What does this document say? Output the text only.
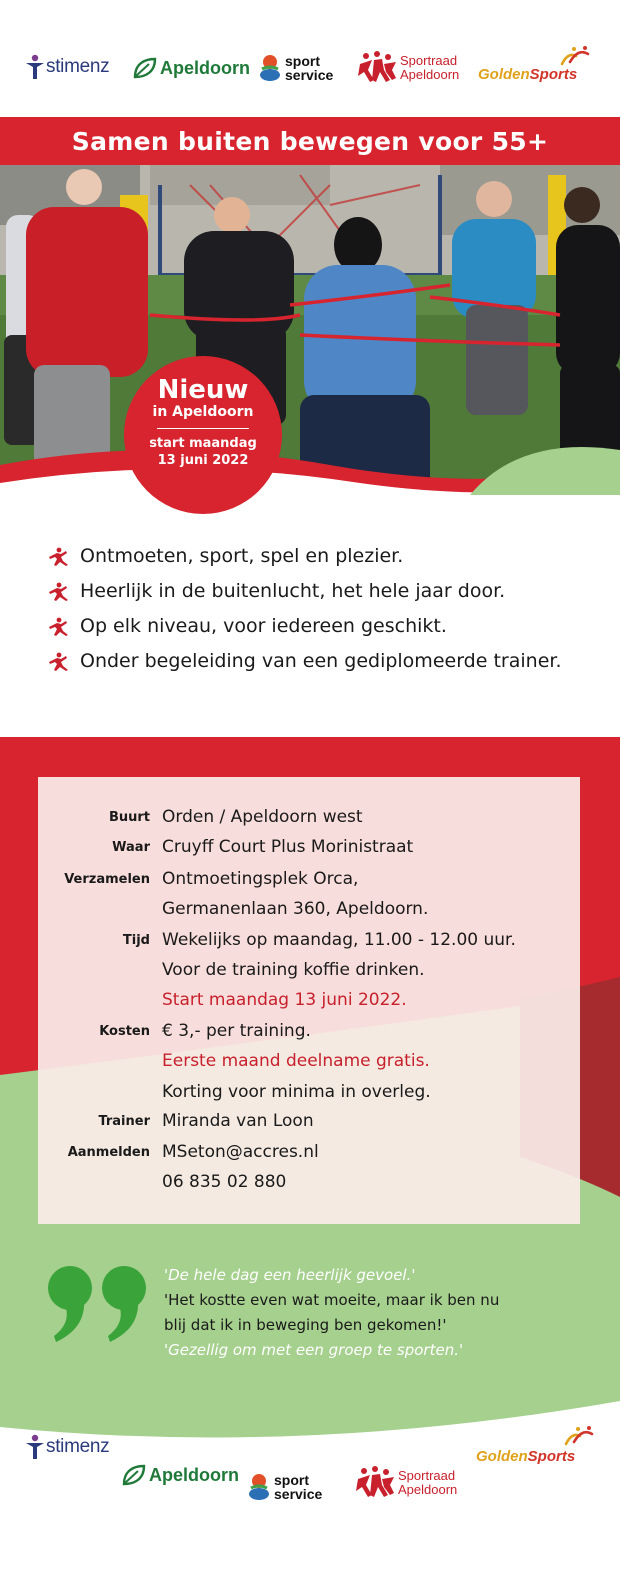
stimenz	Apeldoorn	sport
service
Sportraad
Apeldoorn GoldenSports
Samen buiten bewegen voor 55+
Nieuw
in Apeldoorn
start maandag
13 juni 2022
Ontmoeten, sport, spel en plezier.
Heerlijk in de buitenlucht, het hele jaar door.
Op elk niveau, voor iedereen geschikt.
Onder begeleiding van een gediplomeerde trainer.
Buurt Orden / Apeldoorn west
Waar Cruyff Court Plus Morinistraat
Verzamelen Ontmoetingsplek Orca,
Germanenlaan 360, Apeldoorn.
Tijd Wekelijks op maandag, 11.00 - 12.00 uur.
Voor de training koffie drinken.
Start maandag 13 juni 2022.
Kosten € 3,- per training.
Eerste maand deelname gratis.
Korting voor minima in overleg.
Trainer Miranda van Loon
Aanmelden MSeton@accres.nl
06 835 02 880
'De hele dag een heerlijk gevoel.'
'Het kostte even wat moeite, maar ik ben nu
blij dat ik in beweging ben gekomen!'
'Gezellig om met een groep te sporten.'
stimenz
Apeldoorn	sport
service
Sportraad
Apeldoorn
GoldenSports
